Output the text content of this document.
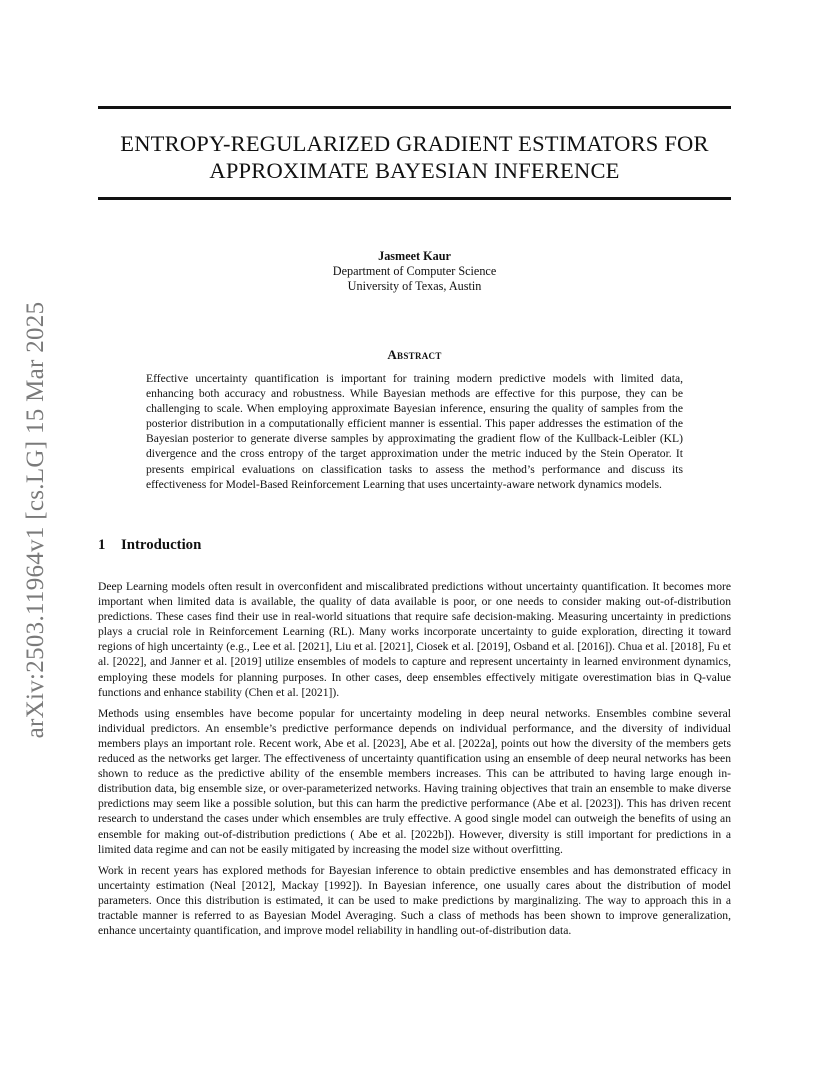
arXiv:2503.11964v1 [cs.LG] 15 Mar 2025
ENTROPY-REGULARIZED GRADIENT ESTIMATORS FOR
APPROXIMATE BAYESIAN INFERENCE
Jasmeet Kaur
Department of Computer Science
University of Texas, Austin
Abstract
Effective uncertainty quantification is important for training modern predictive models with limited data, enhancing both accuracy and robustness. While Bayesian methods are effective for this purpose, they can be challenging to scale. When employing approximate Bayesian inference, ensuring the quality of samples from the posterior distribution in a computationally efficient manner is essential. This paper addresses the estimation of the Bayesian posterior to generate diverse samples by approximating the gradient flow of the Kullback-Leibler (KL) divergence and the cross entropy of the target approximation under the metric induced by the Stein Operator. It presents empirical evaluations on classification tasks to assess the method’s performance and discuss its effectiveness for Model-Based Reinforcement Learning that uses uncertainty-aware network dynamics models.
1 Introduction

Deep Learning models often result in overconfident and miscalibrated predictions without uncertainty quantification. It becomes more important when limited data is available, the quality of data available is poor, or one needs to consider making out-of-distribution predictions. These cases find their use in real-world situations that require safe decision-making. Measuring uncertainty in predictions plays a crucial role in Reinforcement Learning (RL). Many works incorporate uncertainty to guide exploration, directing it toward regions of high uncertainty (e.g., Lee et al. [2021], Liu et al. [2021], Ciosek et al. [2019], Osband et al. [2016]). Chua et al. [2018], Fu et al. [2022], and Janner et al. [2019] utilize ensembles of models to capture and represent uncertainty in learned environment dynamics, employing these models for planning purposes. In other cases, deep ensembles effectively mitigate overestimation bias in Q-value functions and enhance stability (Chen et al. [2021]).

Methods using ensembles have become popular for uncertainty modeling in deep neural networks. Ensembles combine several individual predictors. An ensemble’s predictive performance depends on individual performance, and the diversity of individual members plays an important role. Recent work, Abe et al. [2023], Abe et al. [2022a], points out how the diversity of the members gets reduced as the networks get larger. The effectiveness of uncertainty quantification using an ensemble of deep neural networks has been shown to reduce as the predictive ability of the ensemble members increases. This can be attributed to having large enough in-distribution data, big ensemble size, or over-parameterized networks. Having training objectives that train an ensemble to make diverse predictions may seem like a possible solution, but this can harm the predictive performance (Abe et al. [2023]). This has driven recent research to understand the cases under which ensembles are truly effective. A good single model can outweigh the benefits of using an ensemble for making out-of-distribution predictions ( Abe et al. [2022b]). However, diversity is still important for predictions in a limited data regime and can not be easily mitigated by increasing the model size without overfitting.

Work in recent years has explored methods for Bayesian inference to obtain predictive ensembles and has demonstrated efficacy in uncertainty estimation (Neal [2012], Mackay [1992]). In Bayesian inference, one usually cares about the distribution of model parameters. Once this distribution is estimated, it can be used to make predictions by marginalizing. The way to approach this in a tractable manner is referred to as Bayesian Model Averaging. Such a class of methods has been shown to improve generalization, enhance uncertainty quantification, and improve model reliability in handling out-of-distribution data.
